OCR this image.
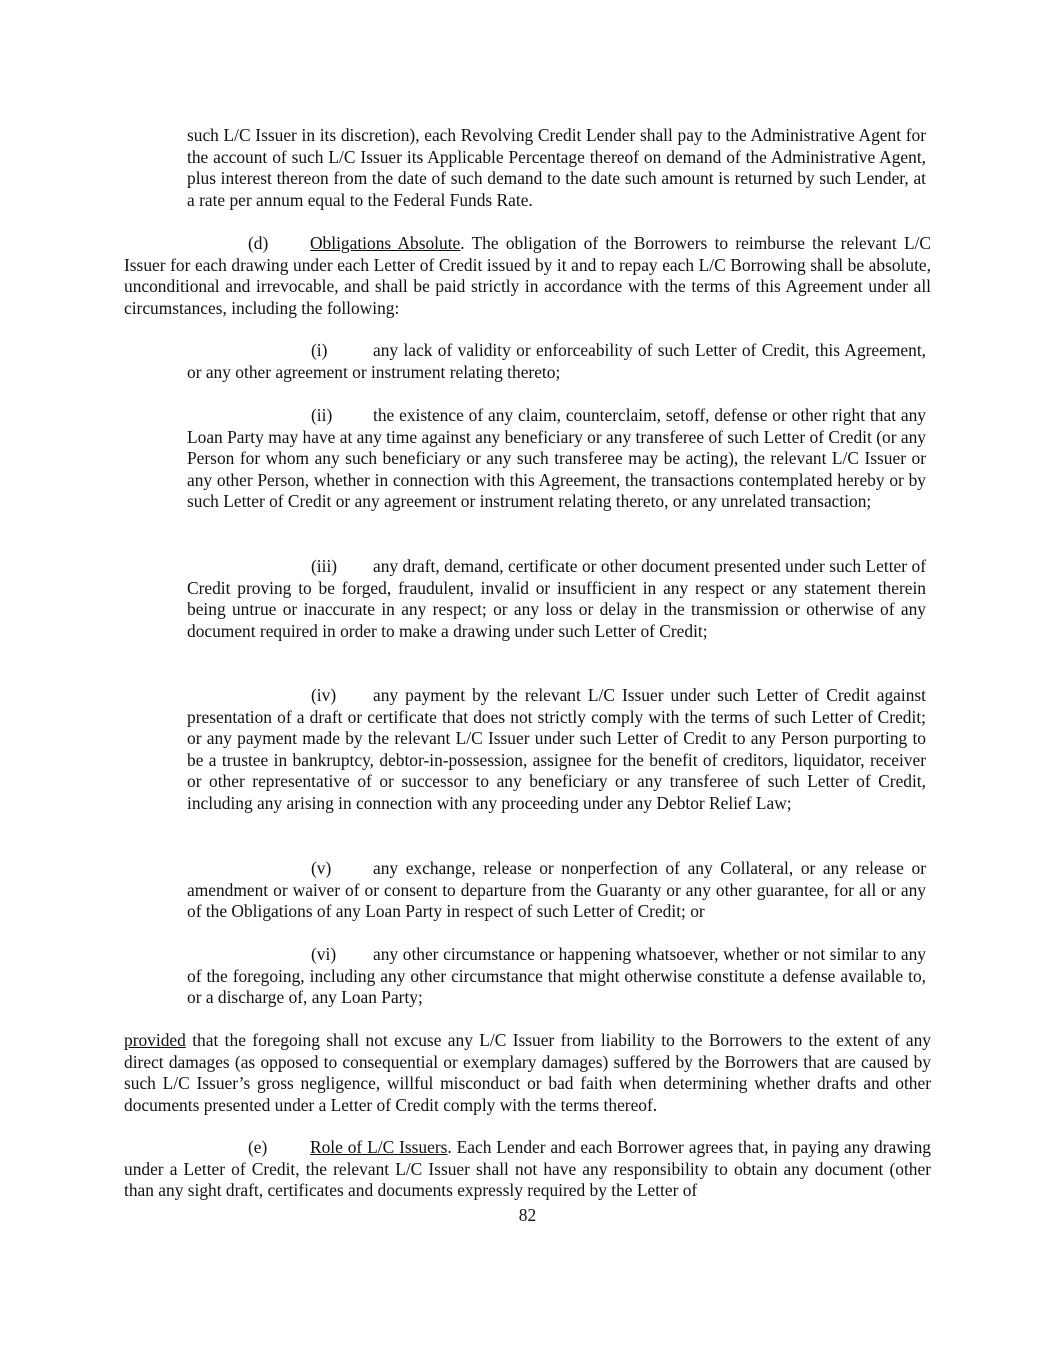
such L/C Issuer in its discretion), each Revolving Credit Lender shall pay to the Administrative Agent for the account of such L/C Issuer its Applicable Percentage thereof on demand of the Administrative Agent, plus interest thereon from the date of such demand to the date such amount is returned by such Lender, at a rate per annum equal to the Federal Funds Rate.

(d) Obligations Absolute. The obligation of the Borrowers to reimburse the relevant L/C Issuer for each drawing under each Letter of Credit issued by it and to repay each L/C Borrowing shall be absolute, unconditional and irrevocable, and shall be paid strictly in accordance with the terms of this Agreement under all circumstances, including the following:

(i)	any lack of validity or enforceability of such Letter of Credit, this Agreement, or any other agreement or instrument relating thereto;

(ii) the existence of any claim, counterclaim, setoff, defense or other right that any Loan Party may have at any time against any beneficiary or any transferee of such Letter of Credit (or any Person for whom any such beneficiary or any such transferee may be acting), the relevant L/C Issuer or any other Person, whether in connection with this Agreement, the transactions contemplated hereby or by such Letter of Credit or any agreement or instrument relating thereto, or any unrelated transaction;

(iii) any draft, demand, certificate or other document presented under such Letter of Credit proving to be forged, fraudulent, invalid or insufficient in any respect or any statement therein being untrue or inaccurate in any respect; or any loss or delay in the transmission or otherwise of any document required in order to make a drawing under such Letter of Credit;

(iv) any payment by the relevant L/C Issuer under such Letter of Credit against presentation of a draft or certificate that does not strictly comply with the terms of such Letter of Credit; or any payment made by the relevant L/C Issuer under such Letter of Credit to any Person purporting to be a trustee in bankruptcy, debtor-in-possession, assignee for the benefit of creditors, liquidator, receiver or other representative of or successor to any beneficiary or any transferee of such Letter of Credit, including any arising in connection with any proceeding under any Debtor Relief Law;

(v) any exchange, release or nonperfection of any Collateral, or any release or amendment or waiver of or consent to departure from the Guaranty or any other guarantee, for all or any of the Obligations of any Loan Party in respect of such Letter of Credit; or

(vi) any other circumstance or happening whatsoever, whether or not similar to any of the foregoing, including any other circumstance that might otherwise constitute a defense available to, or a discharge of, any Loan Party;

provided that the foregoing shall not excuse any L/C Issuer from liability to the Borrowers to the extent of any direct damages (as opposed to consequential or exemplary damages) suffered by the Borrowers that are caused by such L/C Issuer’s gross negligence, willful misconduct or bad faith when determining whether drafts and other documents presented under a Letter of Credit comply with the terms thereof.

(e) Role of L/C Issuers. Each Lender and each Borrower agrees that, in paying any drawing under a Letter of Credit, the relevant L/C Issuer shall not have any responsibility to obtain any document (other than any sight draft, certificates and documents expressly required by the Letter of

82
